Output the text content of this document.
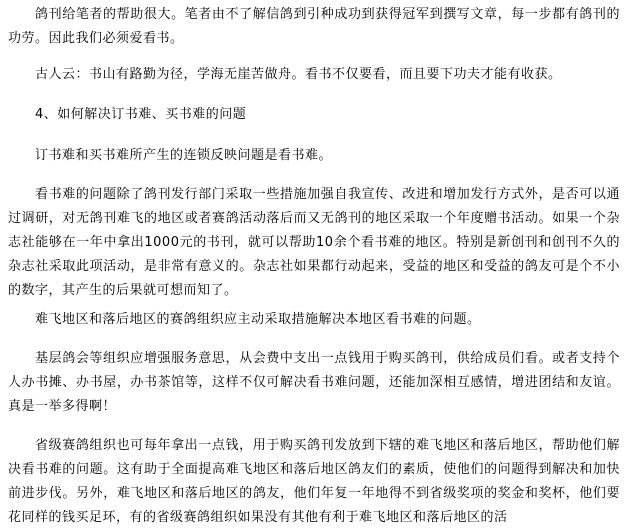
鸽刊给笔者的帮助很大。笔者由不了解信鸽到引种成功到获得冠军到撰写文章，每一步都有鸽刊的功劳。因此我们必须爱看书。

古人云：书山有路勤为径，学海无崖苦做舟。看书不仅要看，而且要下功夫才能有收获。

4、如何解决订书难、买书难的问题

订书难和买书难所产生的连锁反映问题是看书难。

看书难的问题除了鸽刊发行部门采取一些措施加强自我宣传、改进和增加发行方式外，是否可以通过调研，对无鸽刊难飞的地区或者赛鸽活动落后而又无鸽刊的地区采取一个年度赠书活动。如果一个杂志社能够在一年中拿出1000元的书刊，就可以帮助10余个看书难的地区。特别是新创刊和创刊不久的杂志社采取此项活动，是非常有意义的。杂志社如果都行动起来，受益的地区和受益的鸽友可是个不小的数字，其产生的后果就可想而知了。

难飞地区和落后地区的赛鸽组织应主动采取措施解决本地区看书难的问题。

基层鸽会等组织应增强服务意思，从会费中支出一点钱用于购买鸽刊，供给成员们看。或者支持个人办书摊、办书屋，办书茶馆等，这样不仅可解决看书难问题，还能加深相互感情，增进团结和友谊。真是一举多得啊！

省级赛鸽组织也可每年拿出一点钱，用于购买鸽刊发放到下辖的难飞地区和落后地区，帮助他们解决看书难的问题。这有助于全面提高难飞地区和落后地区鸽友们的素质，使他们的问题得到解决和加快前进步伐。另外，难飞地区和落后地区的鸽友，他们年复一年地得不到省级奖项的奖金和奖杯，他们要花同样的钱买足环，有的省级赛鸽组织如果没有其他有利于难飞地区和落后地区的活
